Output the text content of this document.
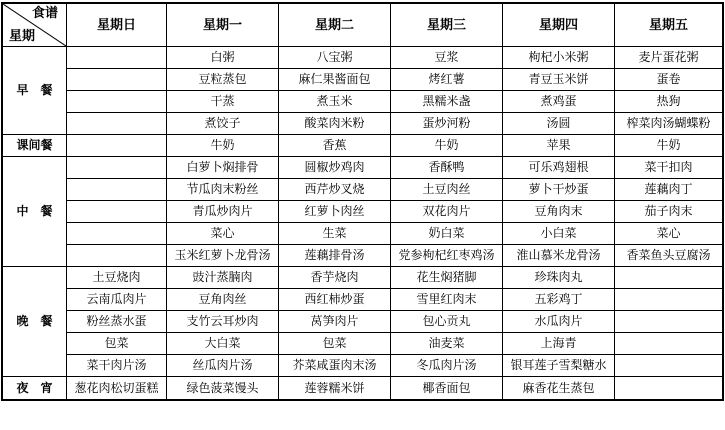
食谱
星期	星期日	星期一	星期二	星期三	星期四	星期五
早　餐		白粥	八宝粥	豆浆	枸杞小米粥	麦片蛋花粥
		豆粒蒸包	麻仁果酱面包	烤红薯	青豆玉米饼	蛋卷
		干蒸	煮玉米	黑糯米盏	煮鸡蛋	热狗
		煮饺子	酸菜肉米粉	蛋炒河粉	汤圆	榨菜肉汤蝴蝶粉
课间餐		牛奶	香蕉	牛奶	苹果	牛奶
中　餐		白萝卜焖排骨	圆椒炒鸡肉	香酥鸭	可乐鸡翅根	菜干扣肉
		节瓜肉末粉丝	西芹炒叉烧	土豆肉丝	萝卜干炒蛋	莲藕肉丁
		青瓜炒肉片	红萝卜肉丝	双花肉片	豆角肉末	茄子肉末
		菜心	生菜	奶白菜	小白菜	菜心
		玉米红萝卜龙骨汤	莲藕排骨汤	党参枸杞红枣鸡汤	淮山慕米龙骨汤	香菜鱼头豆腐汤
晚　餐	土豆烧肉	豉汁蒸腩肉	香芋烧肉	花生焖猪脚	珍珠肉丸	
	云南瓜肉片	豆角肉丝	西红柿炒蛋	雪里红肉末	五彩鸡丁	
	粉丝蒸水蛋	支竹云耳炒肉	莴笋肉片	包心贡丸	水瓜肉片	
	包菜	大白菜	包菜	油麦菜	上海青	
	菜干肉片汤	丝瓜肉片汤	芥菜咸蛋肉末汤	冬瓜肉片汤	银耳莲子雪梨糖水	
夜　宵	葱花肉松切蛋糕	绿色菠菜馒头	莲蓉糯米饼	椰香面包	麻香花生蒸包	
